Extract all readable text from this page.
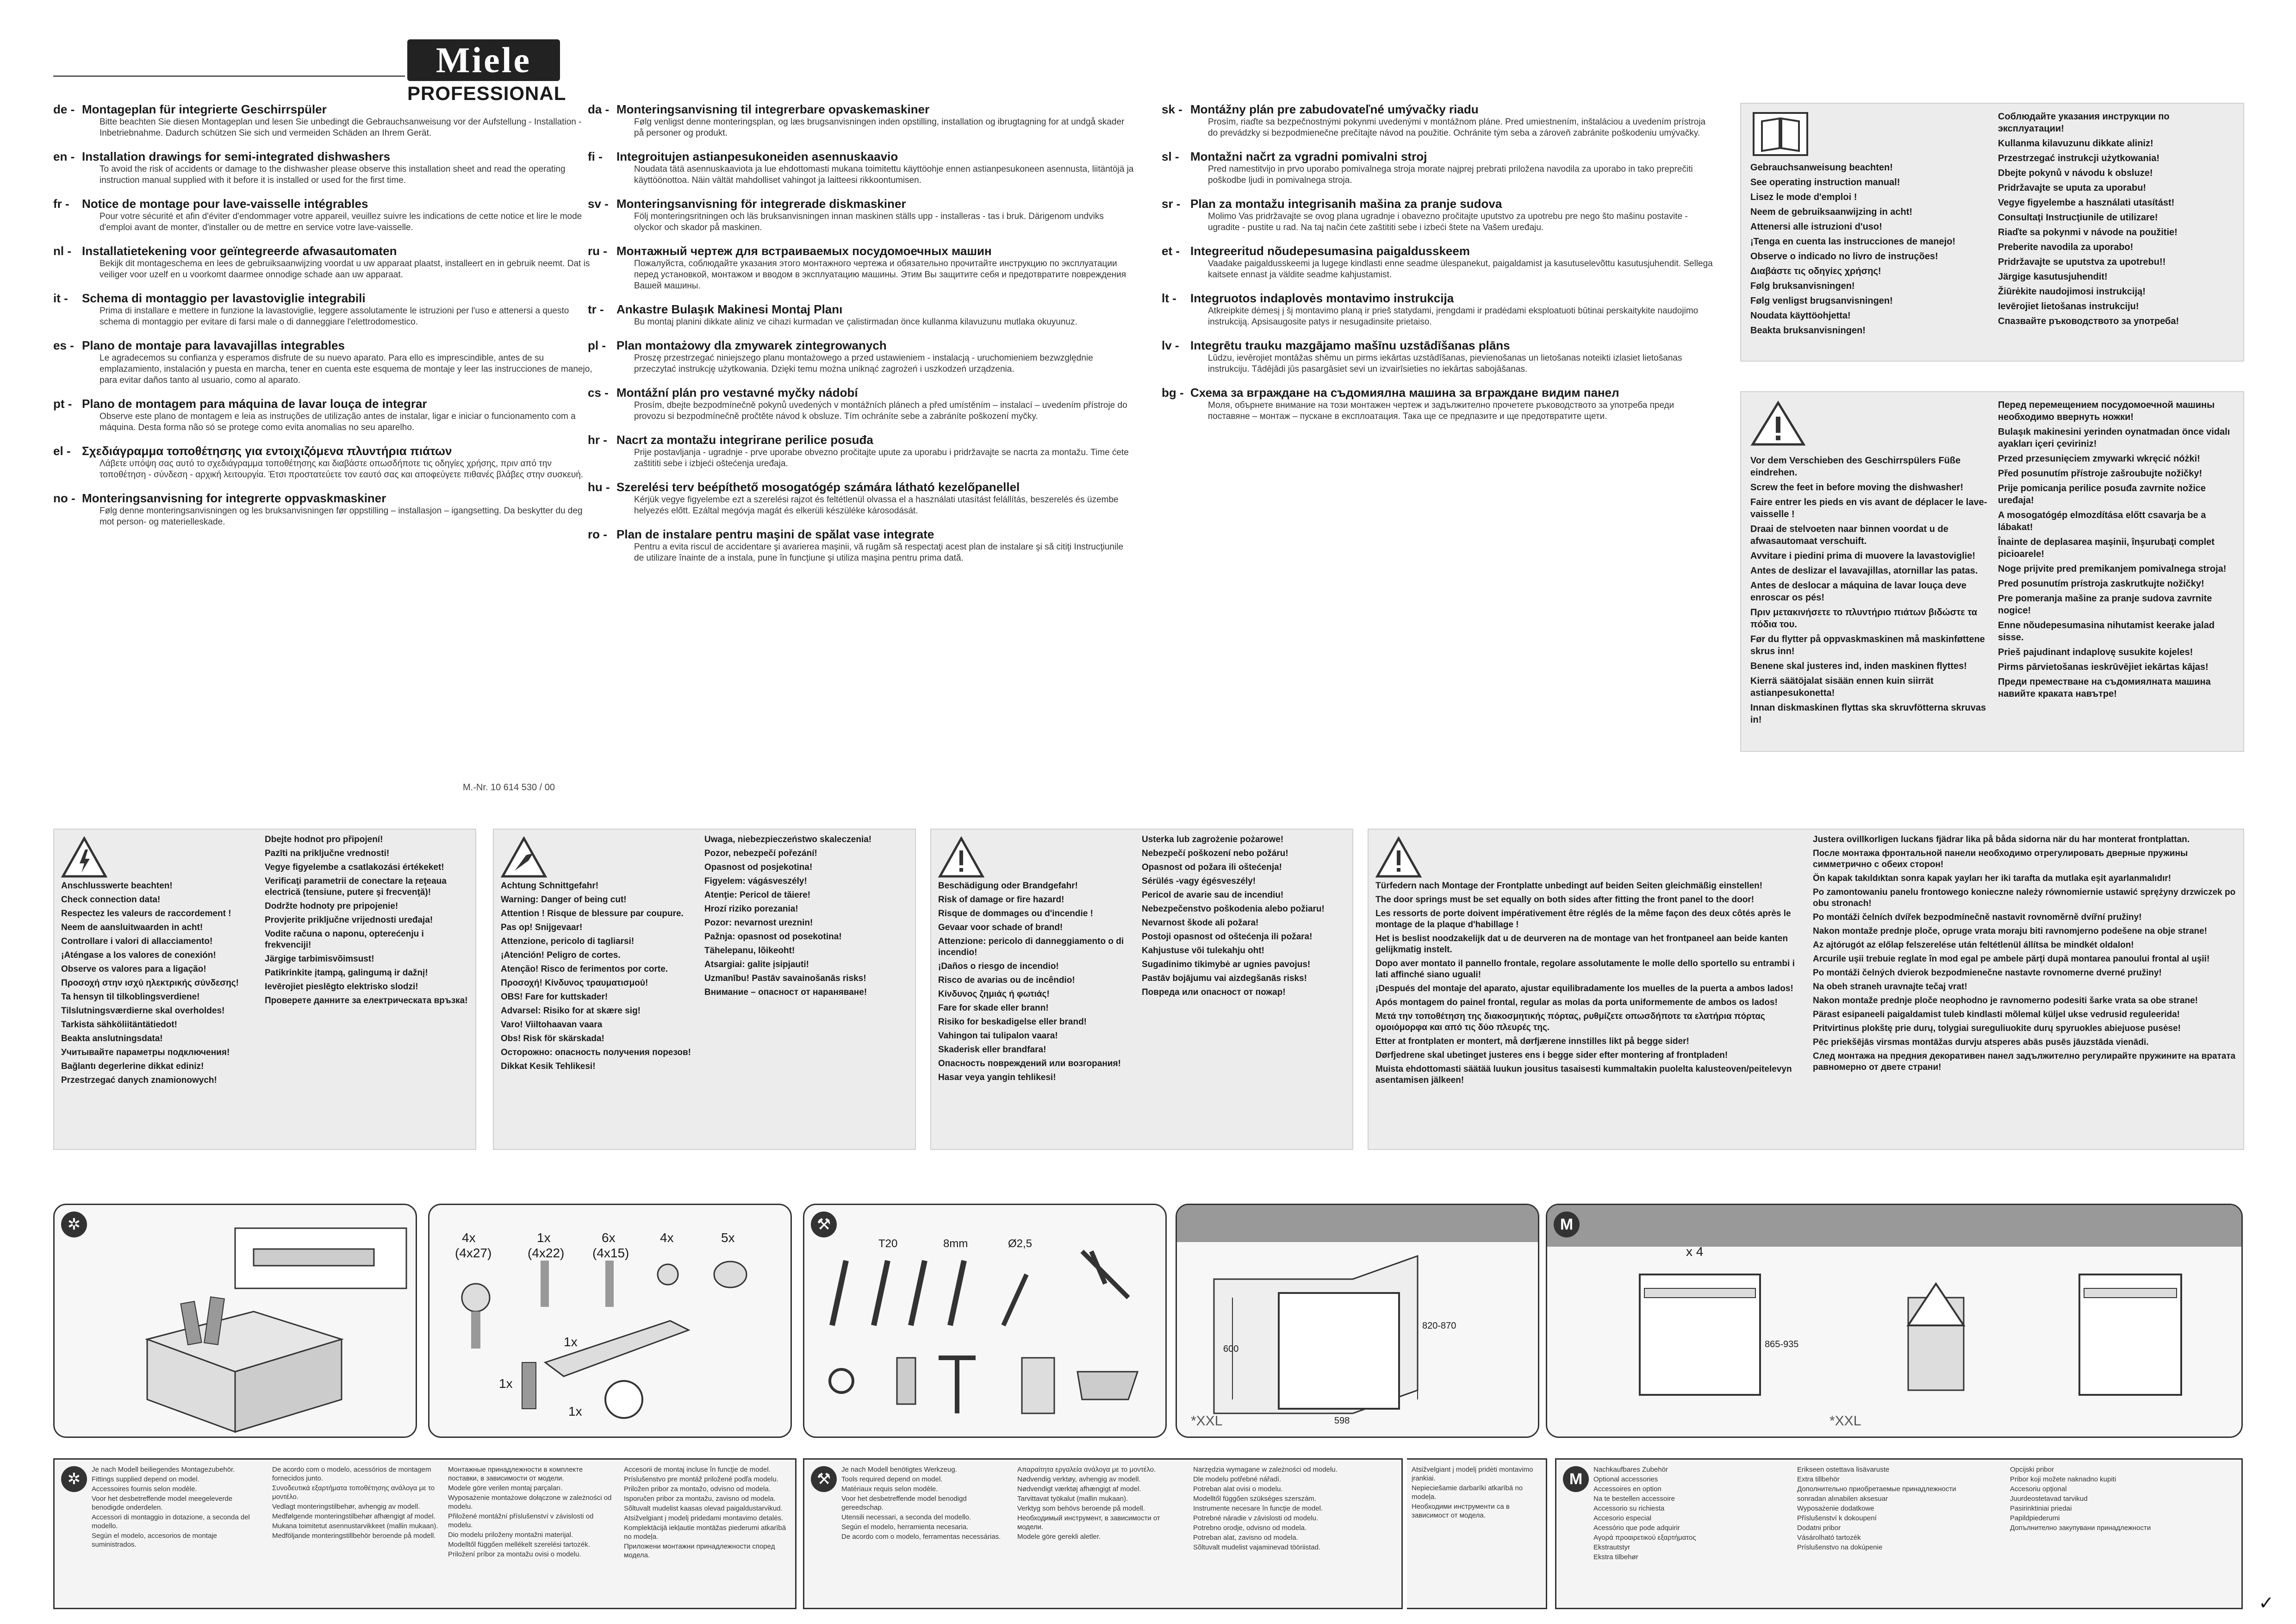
Miele
PROFESSIONAL
de - Montageplan für integrierte Geschirrspüler
Bitte beachten Sie diesen Montageplan und lesen Sie unbedingt die Gebrauchsanweisung vor der Aufstellung - Installation - Inbetriebnahme. Dadurch schützen Sie sich und vermeiden Schäden an Ihrem Gerät.
en - Installation drawings for semi-integrated dishwashers
To avoid the risk of accidents or damage to the dishwasher please observe this installation sheet and read the operating instruction manual supplied with it before it is installed or used for the first time.
fr - Notice de montage pour lave-vaisselle intégrables
Pour votre sécurité et afin d'éviter d'endommager votre appareil, veuillez suivre les indications de cette notice et lire le mode d'emploi avant de monter, d'installer ou de mettre en service votre lave-vaisselle.
nl - Installatietekening voor geïntegreerde afwasautomaten
Bekijk dit montageschema en lees de gebruiksaanwijzing voordat u uw apparaat plaatst, installeert en in gebruik neemt. Dat is veiliger voor uzelf en u voorkomt daarmee onnodige schade aan uw apparaat.
it - Schema di montaggio per lavastoviglie integrabili
Prima di installare e mettere in funzione la lavastoviglie, leggere assolutamente le istruzioni per l'uso e attenersi a questo schema di montaggio per evitare di farsi male o di danneggiare l'elettrodomestico.
es - Plano de montaje para lavavajillas integrables
Le agradecemos su confianza y esperamos disfrute de su nuevo aparato. Para ello es imprescindible, antes de su emplazamiento, instalación y puesta en marcha, tener en cuenta este esquema de montaje y leer las instrucciones de manejo, para evitar daños tanto al usuario, como al aparato.
pt - Plano de montagem para máquina de lavar louça de integrar
Observe este plano de montagem e leia as instruções de utilização antes de instalar, ligar e iniciar o funcionamento com a máquina. Desta forma não só se protege como evita anomalias no seu aparelho.
el - Σχεδιάγραμμα τοποθέτησης για εντοιχιζόμενα πλυντήρια πιάτων
Λάβετε υπόψη σας αυτό το σχεδιάγραμμα τοποθέτησης και διαβάστε οπωσδήποτε τις οδηγίες χρήσης, πριν από την τοποθέτηση - σύνδεση - αρχική λειτουργία. Έτσι προστατεύετε τον εαυτό σας και αποφεύγετε πιθανές βλάβες στην συσκευή.
no - Monteringsanvisning for integrerte oppvaskmaskiner
Følg denne monteringsanvisningen og les bruksanvisningen før oppstilling – installasjon – igangsetting. Da beskytter du deg mot person- og materielleskade.
da - Monteringsanvisning til integrerbare opvaskemaskiner
Følg venligst denne monteringsplan, og læs brugsanvisningen inden opstilling, installation og ibrugtagning for at undgå skader på personer og produkt.
fi - Integroitujen astianpesukoneiden asennuskaavio
Noudata tätä asennuskaaviota ja lue ehdottomasti mukana toimitettu käyttöohje ennen astianpesukoneen asennusta, liitäntöjä ja käyttöönottoa. Näin vältät mahdolliset vahingot ja laitteesi rikkoontumisen.
sv - Monteringsanvisning för integrerade diskmaskiner
Följ monteringsritningen och läs bruksanvisningen innan maskinen ställs upp - installeras - tas i bruk. Därigenom undviks olyckor och skador på maskinen.
ru - Монтажный чертеж для встраиваемых посудомоечных машин
Пожалуйста, соблюдайте указания этого монтажного чертежа и обязательно прочитайте инструкцию по эксплуатации перед установкой, монтажом и вводом в эксплуатацию машины. Этим Вы защитите себя и предотвратите повреждения Вашей машины.
tr - Ankastre Bulaşık Makinesi Montaj Planı
Bu montaj planini dikkate aliniz ve cihazi kurmadan ve çalistirmadan önce kullanma kilavuzunu mutlaka okuyunuz.
pl - Plan montażowy dla zmywarek zintegrowanych
Proszę przestrzegać niniejszego planu montażowego a przed ustawieniem - instalacją - uruchomieniem bezwzględnie przeczytać instrukcję użytkowania. Dzięki temu można uniknąć zagrożeń i uszkodzeń urządzenia.
cs - Montážní plán pro vestavné myčky nádobí
Prosím, dbejte bezpodmínečně pokynů uvedených v montážních plánech a před umístěním – instalací – uvedením přístroje do provozu si bezpodmínečně pročtěte návod k obsluze. Tím ochráníte sebe a zabráníte poškození myčky.
hr - Nacrt za montažu integrirane perilice posuđa
Prije postavljanja - ugradnje - prve uporabe obvezno pročitajte upute za uporabu i pridržavajte se nacrta za montažu. Time ćete zaštititi sebe i izbjeći oštećenja uređaja.
hu - Szerelési terv beépíthető mosogatógép számára látható kezelőpanellel
Kérjük vegye figyelembe ezt a szerelési rajzot és feltétlenül olvassa el a használati utasítást felállítás, beszerelés és üzembe helyezés előtt. Ezáltal megóvja magát és elkerüli készüléke károsodását.
ro - Plan de instalare pentru maşini de spălat vase integrate
Pentru a evita riscul de accidentare şi avarierea maşinii, vă rugăm să respectaţi acest plan de instalare şi să citiţi Instrucţiunile de utilizare înainte de a instala, pune în funcţiune şi utiliza maşina pentru prima dată.
sk - Montážny plán pre zabudovateľné umývačky riadu
Prosím, riaďte sa bezpečnostnými pokynmi uvedenými v montážnom pláne. Pred umiestnením, inštaláciou a uvedením prístroja do prevádzky si bezpodmienečne prečítajte návod na použitie. Ochránite tým seba a zároveň zabránite poškodeniu umývačky.
sl - Montažni načrt za vgradni pomivalni stroj
Pred namestitvijo in prvo uporabo pomivalnega stroja morate najprej prebrati priložena navodila za uporabo in tako preprečiti poškodbe ljudi in pomivalnega stroja.
sr - Plan za montažu integrisanih mašina za pranje sudova
Molimo Vas pridržavajte se ovog plana ugradnje i obavezno pročitajte uputstvo za upotrebu pre nego što mašinu postavite - ugradite - pustite u rad. Na taj način ćete zaštititi sebe i izbeći štete na Vašem uređaju.
et - Integreeritud nõudepesumasina paigaldusskeem
Vaadake paigaldusskeemi ja lugege kindlasti enne seadme ülespanekut, paigaldamist ja kasutuselevõttu kasutusjuhendit. Sellega kaitsete ennast ja väldite seadme kahjustamist.
lt - Integruotos indaplovės montavimo instrukcija
Atkreipkite dėmesį į šį montavimo planą ir prieš statydami, įrengdami ir pradėdami eksploatuoti būtinai perskaitykite naudojimo instrukciją. Apsisaugosite patys ir nesugadinsite prietaiso.
lv - Integrētu trauku mazgājamo mašīnu uzstādīšanas plāns
Lūdzu, ievērojiet montāžas shēmu un pirms iekārtas uzstādīšanas, pievienošanas un lietošanas noteikti izlasiet lietošanas instrukciju. Tādējādi jūs pasargāsiet sevi un izvairīsieties no iekārtas sabojāšanas.
bg - Схема за вграждане на съдомиялна машина за вграждане видим панел
Моля, обърнете внимание на този монтажен чертеж и задължително прочетете ръководството за употреба преди поставяне – монтаж – пускане в експлоатация. Така ще се предпазите и ще предотвратите щети.
Gebrauchsanweisung beachten!
See operating instruction manual!
Lisez le mode d'emploi !
Neem de gebruiksaanwijzing in acht!
Attenersi alle istruzioni d'uso!
¡Tenga en cuenta las instrucciones de manejo!
Observe o indicado no livro de instruções!
Διαβάστε τις οδηγίες χρήσης!
Følg bruksanvisningen!
Følg venligst brugsanvisningen!
Noudata käyttöohjetta!
Beakta bruksanvisningen!
Соблюдайте указания инструкции по эксплуатации!
Kullanma kilavuzunu dikkate aliniz!
Przestrzegać instrukcji użytkowania!
Dbejte pokynů v návodu k obsluze!
Pridržavajte se uputa za uporabu!
Vegye figyelembe a használati utasítást!
Consultaţi Instrucţiunile de utilizare!
Riaďte sa pokynmi v návode na použitie!
Preberite navodila za uporabo!
Pridržavajte se uputstva za upotrebu!!
Järgige kasutusjuhendit!
Žiūrėkite naudojimosi instrukciją!
Ievērojiet lietošanas instrukciju!
Спазвайте ръководството за употреба!
Vor dem Verschieben des Geschirrspülers Füße eindrehen.
Screw the feet in before moving the dishwasher!
Faire entrer les pieds en vis avant de déplacer le lave-vaisselle !
Draai de stelvoeten naar binnen voordat u de afwasautomaat verschuift.
Avvitare i piedini prima di muovere la lavastoviglie!
Antes de deslizar el lavavajillas, atornillar las patas.
Antes de deslocar a máquina de lavar louça deve enroscar os pés!
Πριν μετακινήσετε το πλυντήριο πιάτων βιδώστε τα πόδια του.
Før du flytter på oppvaskmaskinen må maskinføttene skrus inn!
Benene skal justeres ind, inden maskinen flyttes!
Kierrä säätöjalat sisään ennen kuin siirrät astianpesukonetta!
Innan diskmaskinen flyttas ska skruvfötterna skruvas in!
Перед перемещением посудомоечной машины необходимо ввернуть ножки!
Bulaşık makinesini yerinden oynatmadan önce vidalı ayakları içeri çeviriniz!
Przed przesunięciem zmywarki wkręcić nóżki!
Před posunutím přístroje zašroubujte nožičky!
Prije pomicanja perilice posuđa zavrnite nožice uređaja!
A mosogatógép elmozdítása előtt csavarja be a lábakat!
Înainte de deplasarea maşinii, înşurubaţi complet picioarele!
Noge prijvite pred premikanjem pomivalnega stroja!
Pred posunutím prístroja zaskrutkujte nožičky!
Pre pomeranja mašine za pranje sudova zavrnite nogice!
Enne nõudepesumasina nihutamist keerake jalad sisse.
Prieš pajudinant indaplovę susukite kojeles!
Pirms pārvietošanas ieskrūvējiet iekārtas kājas!
Преди преместване на съдомиялната машина навийте краката навътре!
M.-Nr. 10 614 530 / 00
Anschlusswerte beachten!
Check connection data!
Respectez les valeurs de raccordement !
Neem de aansluitwaarden in acht!
Controllare i valori di allacciamento!
¡Aténgase a los valores de conexión!
Observe os valores para a ligação!
Προσοχή στην ισχύ ηλεκτρικής σύνδεσης!
Ta hensyn til tilkoblingsverdiene!
Tilslutningsværdierne skal overholdes!
Tarkista sähköliitäntätiedot!
Beakta anslutningsdata!
Учитывайте параметры подключения!
Bağlantı degerlerine dikkat ediniz!
Przestrzegać danych znamionowych!
Dbejte hodnot pro připojení!
Pazīti na priključne vrednosti!
Vegye figyelembe a csatlakozási értékeket!
Verificaţi parametrii de conectare la reţeaua electrică (tensiune, putere şi frecvenţă)!
Dodržte hodnoty pre pripojenie!
Provjerite priključne vrijednosti uređaja!
Vodite računa o naponu, opterećenju i frekvenciji!
Järgige tarbimisvõimsust!
Patikrinkite įtampą, galingumą ir dažnį!
Ievērojiet pieslēgto elektrisko slodzi!
Проверете данните за електрическата връзка!
Achtung Schnittgefahr!
Warning: Danger of being cut!
Attention ! Risque de blessure par coupure.
Pas op! Snijgevaar!
Attenzione, pericolo di tagliarsi!
¡Atención! Peligro de cortes.
Atenção! Risco de ferimentos por corte.
Προσοχή! Κίνδυνος τραυματισμού!
OBS! Fare for kuttskader!
Advarsel: Risiko for at skære sig!
Varo! Viiltohaavan vaara
Obs! Risk för skärskada!
Осторожно: опасность получения порезов!
Dikkat Kesik Tehlikesi!
Uwaga, niebezpieczeństwo skaleczenia!
Pozor, nebezpečí pořezání!
Opasnost od posjekotina!
Figyelem: vágásveszély!
Atenţie: Pericol de tăiere!
Hrozí riziko porezania!
Pozor: nevarnost ureznin!
Pažnja: opasnost od posekotina!
Tähelepanu, lõikeoht!
Atsargiai: galite įsipjauti!
Uzmanību! Pastāv savainošanās risks!
Внимание – опасност от нараняване!
Beschädigung oder Brandgefahr!
Risk of damage or fire hazard!
Risque de dommages ou d'incendie !
Gevaar voor schade of brand!
Attenzione: pericolo di danneggiamento o di incendio!
¡Daños o riesgo de incendio!
Risco de avarias ou de incêndio!
Κίνδυνος ζημιάς ή φωτιάς!
Fare for skade eller brann!
Risiko for beskadigelse eller brand!
Vahingon tai tulipalon vaara!
Skaderisk eller brandfara!
Опасность повреждений или возгорания!
Hasar veya yangin tehlikesi!
Usterka lub zagrożenie pożarowe!
Nebezpečí poškození nebo požáru!
Opasnost od požara ili oštećenja!
Sérülés -vagy égésveszély!
Pericol de avarie sau de incendiu!
Nebezpečenstvo poškodenia alebo požiaru!
Nevarnost škode ali požara!
Postoji opasnost od oštećenja ili požara!
Kahjustuse või tulekahju oht!
Sugadinimo tikimybė ar ugnies pavojus!
Pastāv bojājumu vai aizdegšanās risks!
Повреда или опасност от пожар!
Türfedern nach Montage der Frontplatte unbedingt auf beiden Seiten gleichmäßig einstellen!
The door springs must be set equally on both sides after fitting the front panel to the door!
Les ressorts de porte doivent impérativement être réglés de la même façon des deux côtés après le montage de la plaque d'habillage !
Het is beslist noodzakelijk dat u de deurveren na de montage van het frontpaneel aan beide kanten gelijkmatig instelt.
Dopo aver montato il pannello frontale, regolare assolutamente le molle dello sportello su entrambi i lati affinché siano uguali!
¡Después del montaje del aparato, ajustar equilibradamente los muelles de la puerta a ambos lados!
Após montagem do painel frontal, regular as molas da porta uniformemente de ambos os lados!
Μετά την τοποθέτηση της διακοσμητικής πόρτας, ρυθμίζετε οπωσδήποτε τα ελατήρια πόρτας ομοιόμορφα και από τις δύο πλευρές της.
Etter at frontplaten er montert, må dørfjærene innstilles likt på begge sider!
Dørfjedrene skal ubetinget justeres ens i begge sider efter montering af frontpladen!
Muista ehdottomasti säätää luukun jousitus tasaisesti kummaltakin puolelta kalusteoven/peitelevyn asentamisen jälkeen!
Justera ovillkorligen luckans fjädrar lika på båda sidorna när du har monterat frontplattan.
После монтажа фронтальной панели необходимо отрегулировать дверные пружины симметрично с обеих сторон!
Ön kapak takıldıktan sonra kapak yayları her iki tarafta da mutlaka eşit ayarlanmalıdır!
Po zamontowaniu panelu frontowego konieczne należy równomiernie ustawić sprężyny drzwiczek po obu stronach!
Po montáži čelních dvířek bezpodmínečně nastavit rovnoměrně dvířní pružiny!
Nakon montaže prednje ploče, opruge vrata moraju biti ravnomjerno podešene na obje strane!
Az ajtórugót az előlap felszerelése után feltétlenül állítsa be mindkét oldalon!
Arcurile uşii trebuie reglate în mod egal pe ambele părţi după montarea panoului frontal al uşii!
Po montáži čelných dvierok bezpodmienečne nastavte rovnomerne dverné pružiny!
Na obeh straneh uravnajte tečaj vrat!
Nakon montaže prednje ploče neophodno je ravnomerno podesiti šarke vrata sa obe strane!
Pärast esipaneeli paigaldamist tuleb kindlasti mõlemal küljel ukse vedrusid reguleerida!
Pritvirtinus plokštę prie durų, tolygiai sureguliuokite durų spyruokles abiejuose pusėse!
Pēc priekšējās virsmas montāžas durvju atsperes abās pusēs jāuzstāda vienādi.
След монтажа на предния декоративен панел задължително регулирайте пружините на вратата равномерно от двете страни!
✲
4x
(4x27)
1x
(4x22)
6x
(4x15)
4x	5x
1x
1x
1x
⚒
T20	8mm	Ø2,5
600
820-870
598
*XXL
M
x 4
865-935
*XXL
✲
Je nach Modell beiliegendes Montagezubehör.
Fittings supplied depend on model.
Accessoires fournis selon modèle.
Voor het desbetreffende model meegeleverde benodigde onderdelen.
Accessori di montaggio in dotazione, a seconda del modello.
Según el modelo, accesorios de montaje suministrados.
De acordo com o modelo, acessórios de montagem fornecidos junto.
Συνοδευτικά εξαρτήματα τοποθέτησης ανάλογα με το μοντέλο.
Vedlagt monteringstilbehør, avhengig av modell.
Medfølgende monteringstilbehør afhængigt af model.
Mukana toimitetut asennustarvikkeet (mallin mukaan).
Medföljande monteringstillbehör beroende på modell.
Монтажные принадлежности в комплекте поставки, в зависимости от модели.
Modele göre verilen montaj parçaları.
Wyposażenie montażowe dołączone w zależności od modelu.
Přiložené montážní příslušenství v závislosti od modelu.
Dio modelu priloženy montažni materijal.
Modelltől függően mellékelt szerelési tartozék.
Priložení príbor za montažu ovisi o modelu.
Accesorii de montaj incluse în funcţie de model.
Príslušenstvo pre montáž priložené podľa modelu.
Priložen pribor za montažo, odvisno od modela.
Isporučen pribor za montažu, zavisno od modela.
Sõltuvalt mudelist kaasas olevad paigaldustarvikud.
Atsižvelgiant į modelį pridedami montavimo detalės.
Komplektācijā iekļautie montāžas piederumi atkarībā no modeļa.
Приложени монтажни принадлежности според модела.
⚒
Je nach Modell benötigtes Werkzeug.
Tools required depend on model.
Matériaux requis selon modèle.
Voor het desbetreffende model benodigd gereedschap.
Utensili necessari, a seconda del modello.
Según el modelo, herramienta necesaria.
De acordo com o modelo, ferramentas necessárias.
Απαραίτητα εργαλεία ανάλογα με το μοντέλο.
Nødvendig verktøy, avhengig av modell.
Nødvendigt værktøj afhængigt af model.
Tarvittavat työkalut (mallin mukaan).
Verktyg som behövs beroende på modell.
Необходимый инструмент, в зависимости от модели.
Modele göre gerekli aletler.
Narzędzia wymagane w zależności od modelu.
Dle modelu potřebné nářadí.
Potreban alat ovisi o modelu.
Modelltől függően szükséges szerszám.
Instrumente necesare în funcţie de model.
Potrebné náradie v závislosti od modelu.
Potrebno orodje, odvisno od modela.
Potreban alat, zavisno od modela.
Sõltuvalt mudelist vajaminevad tööriistad.
Atsižvelgiant į modelį pridėti montavimo įrankiai.
Nepieciešamie darbarīki atkarībā no modeļa.
Необходими инструменти са в зависимост от модела.
M
Nachkaufbares Zubehör
Optional accessories
Accessoires en option
Na te bestellen accessoire
Accessorio su richiesta
Accesorio especial
Acessório que pode adquirir
Αγορά προαιρετικού εξαρτήματος
Ekstrautstyr
Ekstra tilbehør
Erikseen ostettava lisävaruste
Extra tillbehör
Дополнительно приобретаемые принадлежности
sonradan alınabilen aksesuar
Wyposażenie dodatkowe
Příslušenství k dokoupení
Dodatni pribor
Vásárolható tartozék
Príslušenstvo na dokúpenie
Opcijski pribor
Pribor koji možete naknadno kupiti
Accesoriu opţional
Juurdeostetavad tarvikud
Pasirinktiniai priedai
Papildpiederumi
Допълнително закупувани принадлежности
✓
